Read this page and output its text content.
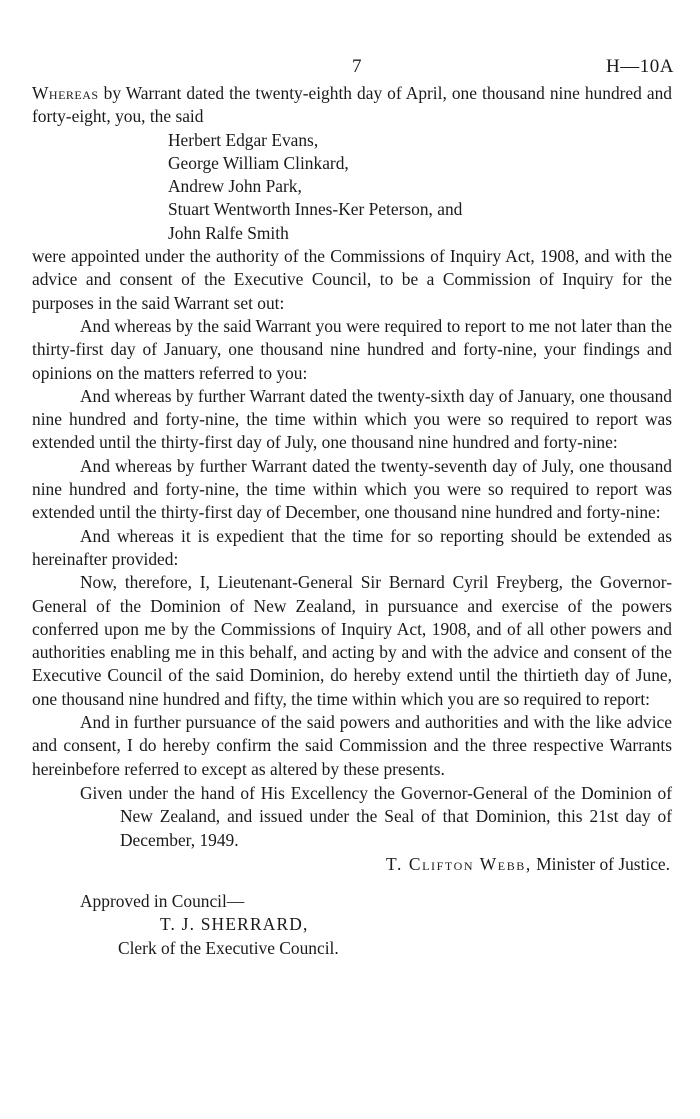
7	H—10A

Whereas by Warrant dated the twenty-eighth day of April, one thousand nine hundred and forty-eight, you, the said

Herbert Edgar Evans,
George William Clinkard,
Andrew John Park,
Stuart Wentworth Innes-Ker Peterson, and
John Ralfe Smith

were appointed under the authority of the Commissions of Inquiry Act, 1908, and with the advice and consent of the Executive Council, to be a Commission of Inquiry for the purposes in the said Warrant set out:

And whereas by the said Warrant you were required to report to me not later than the thirty-first day of January, one thousand nine hundred and forty-nine, your findings and opinions on the matters referred to you:

And whereas by further Warrant dated the twenty-sixth day of January, one thousand nine hundred and forty-nine, the time within which you were so required to report was extended until the thirty-first day of July, one thousand nine hundred and forty-nine:

And whereas by further Warrant dated the twenty-seventh day of July, one thousand nine hundred and forty-nine, the time within which you were so required to report was extended until the thirty-first day of December, one thousand nine hundred and forty-nine:

And whereas it is expedient that the time for so reporting should be extended as hereinafter provided:

Now, therefore, I, Lieutenant-General Sir Bernard Cyril Freyberg, the Governor-General of the Dominion of New Zealand, in pursuance and exercise of the powers conferred upon me by the Commissions of Inquiry Act, 1908, and of all other powers and authorities enabling me in this behalf, and acting by and with the advice and consent of the Executive Council of the said Dominion, do hereby extend until the thirtieth day of June, one thousand nine hundred and fifty, the time within which you are so required to report:

And in further pursuance of the said powers and authorities and with the like advice and consent, I do hereby confirm the said Commission and the three respective Warrants hereinbefore referred to except as altered by these presents.

Given under the hand of His Excellency the Governor-General of the Dominion of New Zealand, and issued under the Seal of that Dominion, this 21st day of December, 1949.

T. Clifton Webb, Minister of Justice.
Approved in Council—
T. J. SHERRARD,
Clerk of the Executive Council.
